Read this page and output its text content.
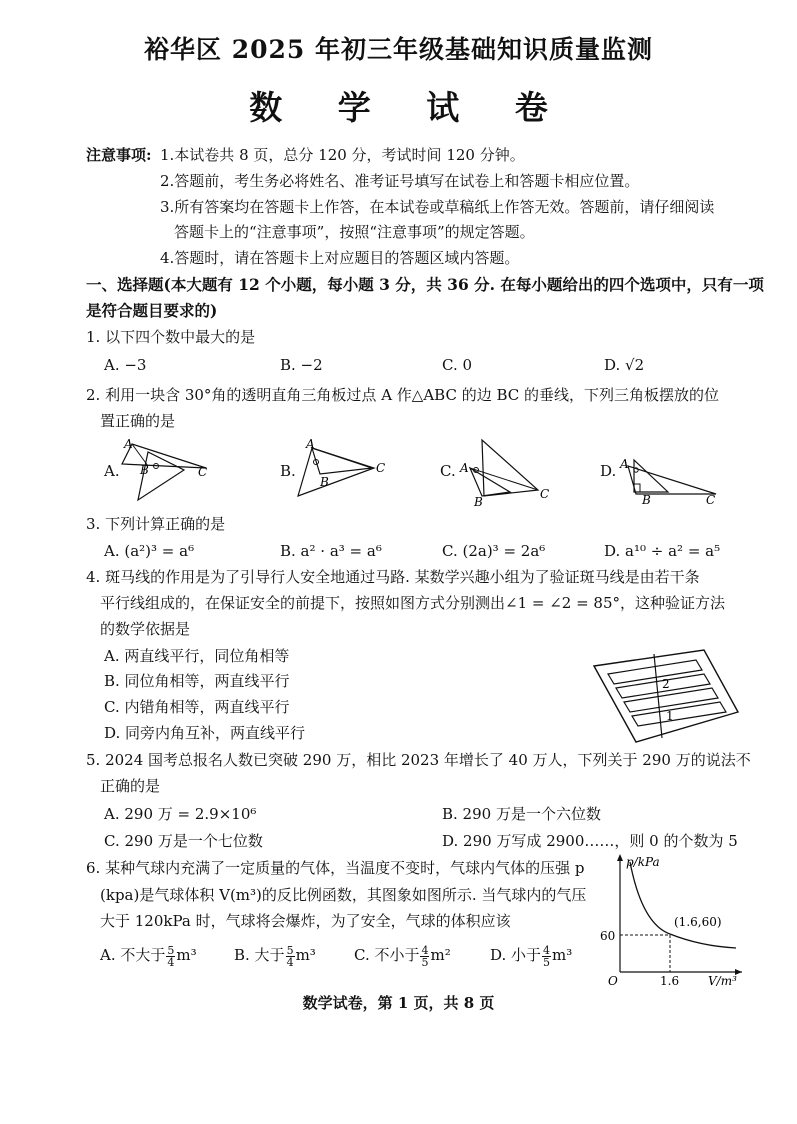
裕华区 2025 年初三年级基础知识质量监测
数 学 试 卷
注意事项: 1.本试卷共 8 页，总分 120 分，考试时间 120 分钟。
2.答题前，考生务必将姓名、准考证号填写在试卷上和答题卡相应位置。
3.所有答案均在答题卡上作答，在本试卷或草稿纸上作答无效。答题前，请仔细阅读
答题卡上的“注意事项”，按照“注意事项”的规定答题。
4.答题时，请在答题卡上对应题目的答题区域内答题。
一、选择题(本大题有 12 个小题，每小题 3 分，共 36 分. 在每小题给出的四个选项中，只有一项
是符合题目要求的)
1. 以下四个数中最大的是
A. −3	B. −2	C. 0	D. √2
2. 利用一块含 30°角的透明直角三角板过点 A 作△ABC 的边 BC 的垂线，下列三角板摆放的位
置正确的是
A.
A
B	C	B.
A
B
C	C. A
B
C
D. A
B	C
3. 下列计算正确的是
A. (a²)³ = a⁶	B. a² · a³ = a⁶	C. (2a)³ = 2a⁶	D. a¹⁰ ÷ a² = a⁵
4. 斑马线的作用是为了引导行人安全地通过马路. 某数学兴趣小组为了验证斑马线是由若干条
平行线组成的，在保证安全的前提下，按照如图方式分别测出∠1 = ∠2 = 85°，这种验证方法
的数学依据是
A. 两直线平行，同位角相等
B. 同位角相等，两直线平行
C. 内错角相等，两直线平行
D. 同旁内角互补，两直线平行
2
1
5. 2024 国考总报名人数已突破 290 万，相比 2023 年增长了 40 万人，下列关于 290 万的说法不
正确的是
A. 290 万 = 2.9×10⁶	B. 290 万是一个六位数
C. 290 万是一个七位数	D. 290 万写成 2900……，则 0 的个数为 5
6. 某种气球内充满了一定质量的气体，当温度不变时，气球内气体的压强 p
(kpa)是气球体积 V(m³)的反比例函数，其图象如图所示. 当气球内的气压
大于 120kPa 时，气球将会爆炸，为了安全，气球的体积应该
A. 不大于 $\frac{5}{4} m^3$ B. 大于 $\frac{5}{4} m^3$	C. 不小于 $\frac{4}{5} m^2$	D. 小于 $\frac{4}{5} m^3$
p/kPa
V/m³
O
(1.6,60)
60
1.6
数学试卷，第 1 页，共 8 页
